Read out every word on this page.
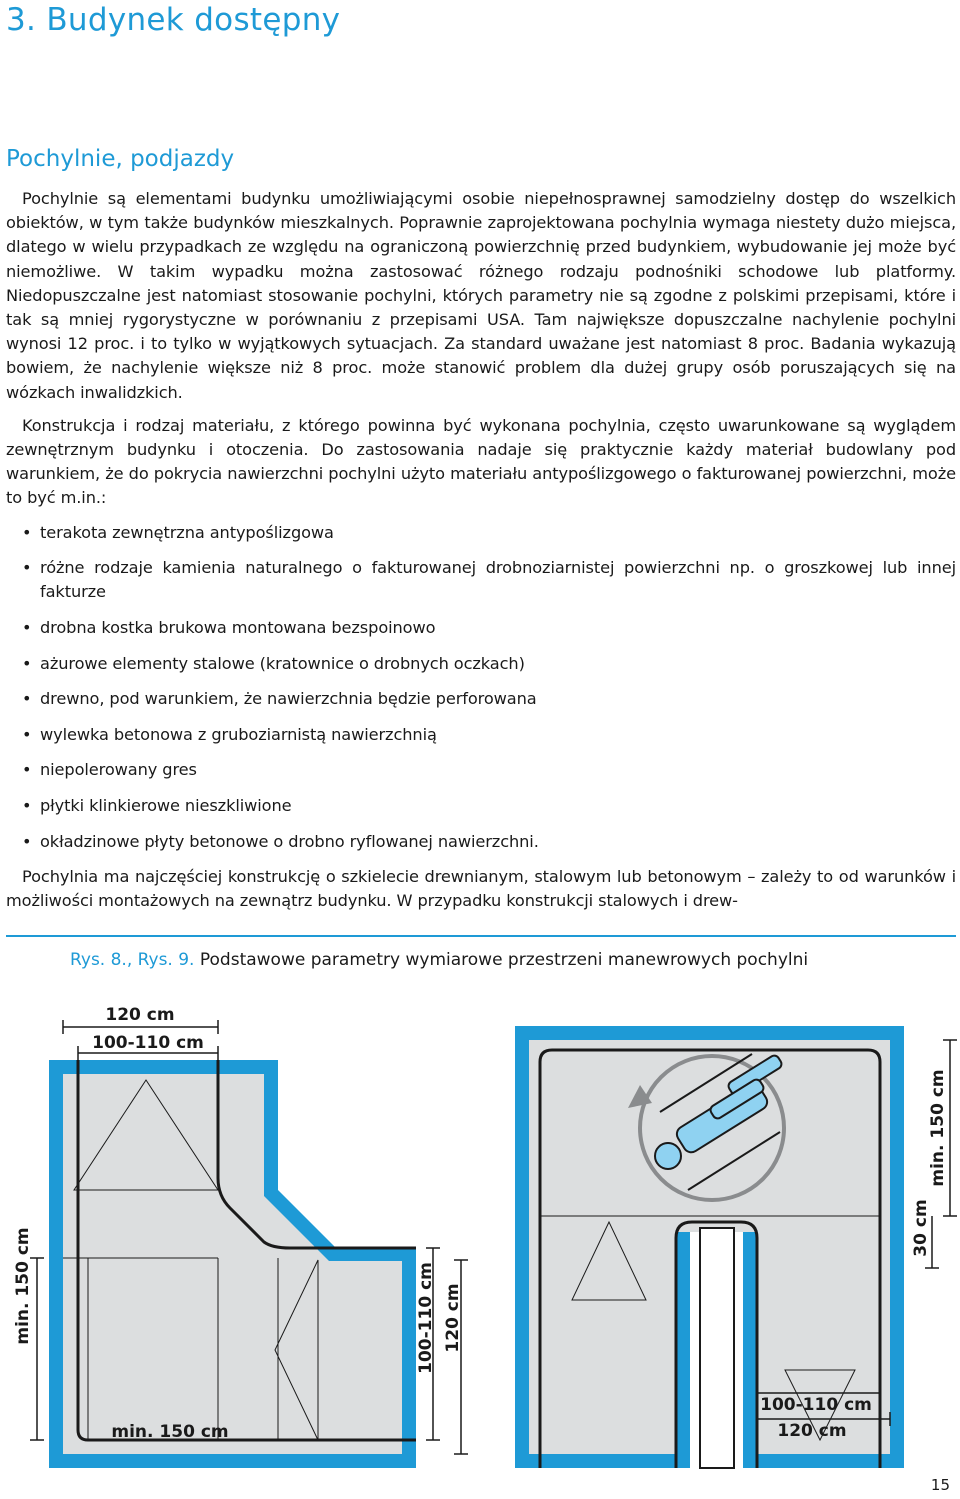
3. Budynek dostępny
Pochylnie, podjazdy

Pochylnie są elementami budynku umożliwiającymi osobie niepełnosprawnej samodzielny dostęp do wszelkich obiektów, w tym także budynków mieszkalnych. Poprawnie zaprojektowana pochylnia wymaga niestety dużo miejsca, dlatego w wielu przypadkach ze względu na ograniczoną powierzchnię przed budynkiem, wybudowanie jej może być niemożliwe. W takim wypadku można zastosować różnego rodzaju podnośniki schodowe lub platformy. Niedopuszczalne jest natomiast stosowanie pochylni, których parametry nie są zgodne z polskimi przepisami, które i tak są mniej rygorystyczne w porównaniu z przepisami USA. Tam największe dopuszczalne nachylenie pochylni wynosi 12 proc. i to tylko w wyjątkowych sytuacjach. Za standard uważane jest natomiast 8 proc. Badania wykazują bowiem, że nachylenie większe niż 8 proc. może stanowić problem dla dużej grupy osób poruszających się na wózkach inwalidzkich.

Konstrukcja i rodzaj materiału, z którego powinna być wykonana pochylnia, często uwarunkowane są wyglądem zewnętrznym budynku i otoczenia. Do zastosowania nadaje się praktycznie każdy materiał budowlany pod warunkiem, że do pokrycia nawierzchni pochylni użyto materiału antypoślizgowego o fakturowanej powierzchni, może to być m.in.:

• terakota zewnętrzna antypoślizgowa
• różne rodzaje kamienia naturalnego o fakturowanej drobnoziarnistej powierzchni np. o groszkowej lub innej fakturze
• drobna kostka brukowa montowana bezspoinowo
• ażurowe elementy stalowe (kratownice o drobnych oczkach)
• drewno, pod warunkiem, że nawierzchnia będzie perforowana
• wylewka betonowa z gruboziarnistą nawierzchnią
• niepolerowany gres
• płytki klinkierowe nieszkliwione
• okładzinowe płyty betonowe o drobno ryflowanej nawierzchni.

Pochylnia ma najczęściej konstrukcję o szkielecie drewnianym, stalowym lub betonowym – zależy to od warunków i możliwości montażowych na zewnątrz budynku. W przypadku konstrukcji stalowych i drew-

Rys. 8., Rys. 9. Podstawowe parametry wymiarowe przestrzeni manewrowych pochylni
120 cm
100-110 cm
min. 150 cm
min. 150 cm
100-110 cm 120 cm
min. 150 cm
30 cm
100-110 cm
120 cm
15
